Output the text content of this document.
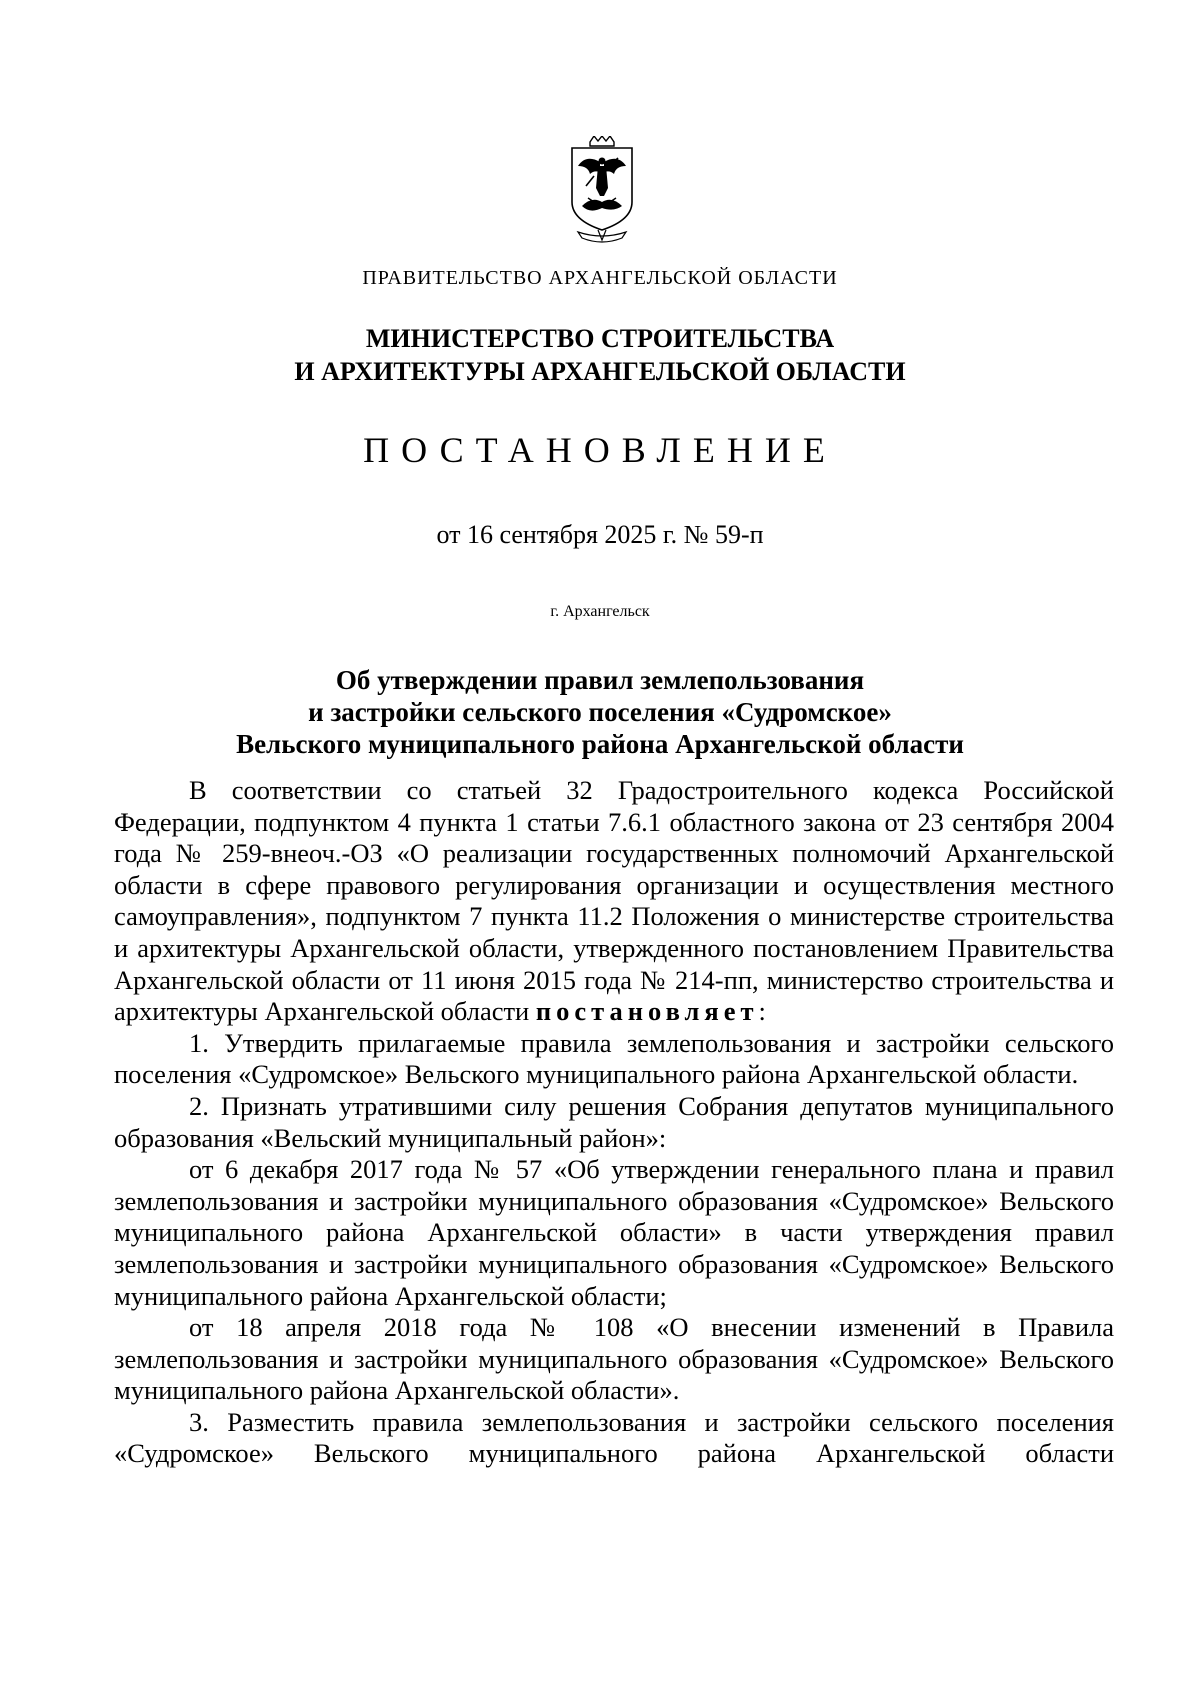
ПРАВИТЕЛЬСТВО АРХАНГЕЛЬСКОЙ ОБЛАСТИ
МИНИСТЕРСТВО СТРОИТЕЛЬСТВА
И АРХИТЕКТУРЫ АРХАНГЕЛЬСКОЙ ОБЛАСТИ
ПОСТАНОВЛЕНИЕ
от 16 сентября 2025 г. № 59-п
г. Архангельск
Об утверждении правил землепользования
и застройки сельского поселения «Судромское»
Вельского муниципального района Архангельской области

В соответствии со статьей 32 Градостроительного кодекса Российской Федерации, подпунктом 4 пункта 1 статьи 7.6.1 областного закона от 23 сентября 2004 года № 259-внеоч.-ОЗ «О реализации государственных полномочий Архангельской области в сфере правового регулирования организации и осуществления местного самоуправления», подпунктом 7 пункта 11.2 Положения о министерстве строительства и архитектуры Архангельской области, утвержденного постановлением Правительства Архангельской области от 11 июня 2015 года № 214-пп, министерство строительства и архитектуры Архангельской области постановляет:

1. Утвердить прилагаемые правила землепользования и застройки сельского поселения «Судромское» Вельского муниципального района Архангельской области.

2. Признать утратившими силу решения Собрания депутатов муниципального образования «Вельский муниципальный район»:

от 6 декабря 2017 года № 57 «Об утверждении генерального плана и правил землепользования и застройки муниципального образования «Судромское» Вельского муниципального района Архангельской области» в части утверждения правил землепользования и застройки муниципального образования «Судромское» Вельского муниципального района Архангельской области;

от 18 апреля 2018 года № 108 «О внесении изменений в Правила землепользования и застройки муниципального образования «Судромское» Вельского муниципального района Архангельской области».

3. Разместить правила землепользования и застройки сельского поселения «Судромское» Вельского муниципального района Архангельской области
